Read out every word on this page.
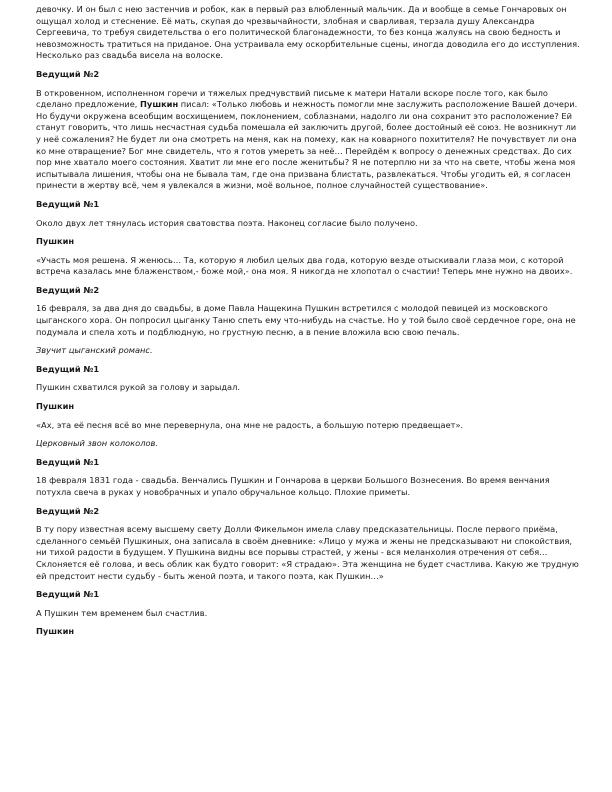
девочку. И он был с нею застенчив и робок, как в первый раз влюбленный мальчик. Да и вообще в семье Гончаровых он ощущал холод и стеснение. Её мать, скупая до чрезвычайности, злобная и сварливая, терзала душу Александра Сергеевича, то требуя свидетельства о его политической благонадежности, то без конца жалуясь на свою бедность и невозможность тратиться на приданое. Она устраивала ему оскорбительные сцены, иногда доводила его до исступления. Несколько раз свадьба висела на волоске.

Ведущий №2

В откровенном, исполненном горечи и тяжелых предчувствий письме к матери Натали вскоре после того, как было сделано предложение, Пушкин писал: «Только любовь и нежность помогли мне заслужить расположение Вашей дочери. Но будучи окружена всеобщим восхищением, поклонением, соблазнами, надолго ли она сохранит это расположение? Ей станут говорить, что лишь несчастная судьба помешала ей заключить другой, более достойный её союз. Не возникнут ли у неё сожаления? Не будет ли она смотреть на меня, как на помеху, как на коварного похитителя? Не почувствует ли она ко мне отвращение? Бог мне свидетель, что я готов умереть за неё… Перейдём к вопросу о денежных средствах. До сих пор мне хватало моего состояния. Хватит ли мне его после женитьбы? Я не потерплю ни за что на свете, чтобы жена моя испытывала лишения, чтобы она не бывала там, где она призвана блистать, развлекаться. Чтобы угодить ей, я согласен принести в жертву всё, чем я увлекался в жизни, моё вольное, полное случайностей существование».

Ведущий №1

Около двух лет тянулась история сватовства поэта. Наконец согласие было получено.

Пушкин

«Участь моя решена. Я женюсь… Та, которую я любил целых два года, которую везде отыскивали глаза мои, с которой встреча казалась мне блаженством,- боже мой,- она моя. Я никогда не хлопотал о счастии! Теперь мне нужно на двоих».

Ведущий №2

16 февраля, за два дня до свадьбы, в доме Павла Нащекина Пушкин встретился с молодой певицей из московского цыганского хора. Он попросил цыганку Таню спеть ему что-нибудь на счастье. Но у той было своё сердечное горе, она не подумала и спела хоть и подблюдную, но грустную песню, а в пение вложила всю свою печаль.

Звучит цыганский романс.

Ведущий №1

Пушкин схватился рукой за голову и зарыдал.

Пушкин

«Ах, эта её песня всё во мне перевернула, она мне не радость, а большую потерю предвещает».

Церковный звон колоколов.

Ведущий №1

18 февраля 1831 года - свадьба. Венчались Пушкин и Гончарова в церкви Большого Вознесения. Во время венчания потухла свеча в руках у новобрачных и упало обручальное кольцо. Плохие приметы.

Ведущий №2

В ту пору известная всему высшему свету Долли Фикельмон имела славу предсказательницы. После первого приёма, сделанного семьёй Пушкиных, она записала в своём дневнике: «Лицо у мужа и жены не предсказывают ни спокойствия, ни тихой радости в будущем. У Пушкина видны все порывы страстей, у жены - вся меланхолия отречения от себя… Склоняется её голова, и весь облик как будто говорит: «Я страдаю». Эта женщина не будет счастлива. Какую же трудную ей предстоит нести судьбу - быть женой поэта, и такого поэта, как Пушкин…»

Ведущий №1

А Пушкин тем временем был счастлив.

Пушкин
